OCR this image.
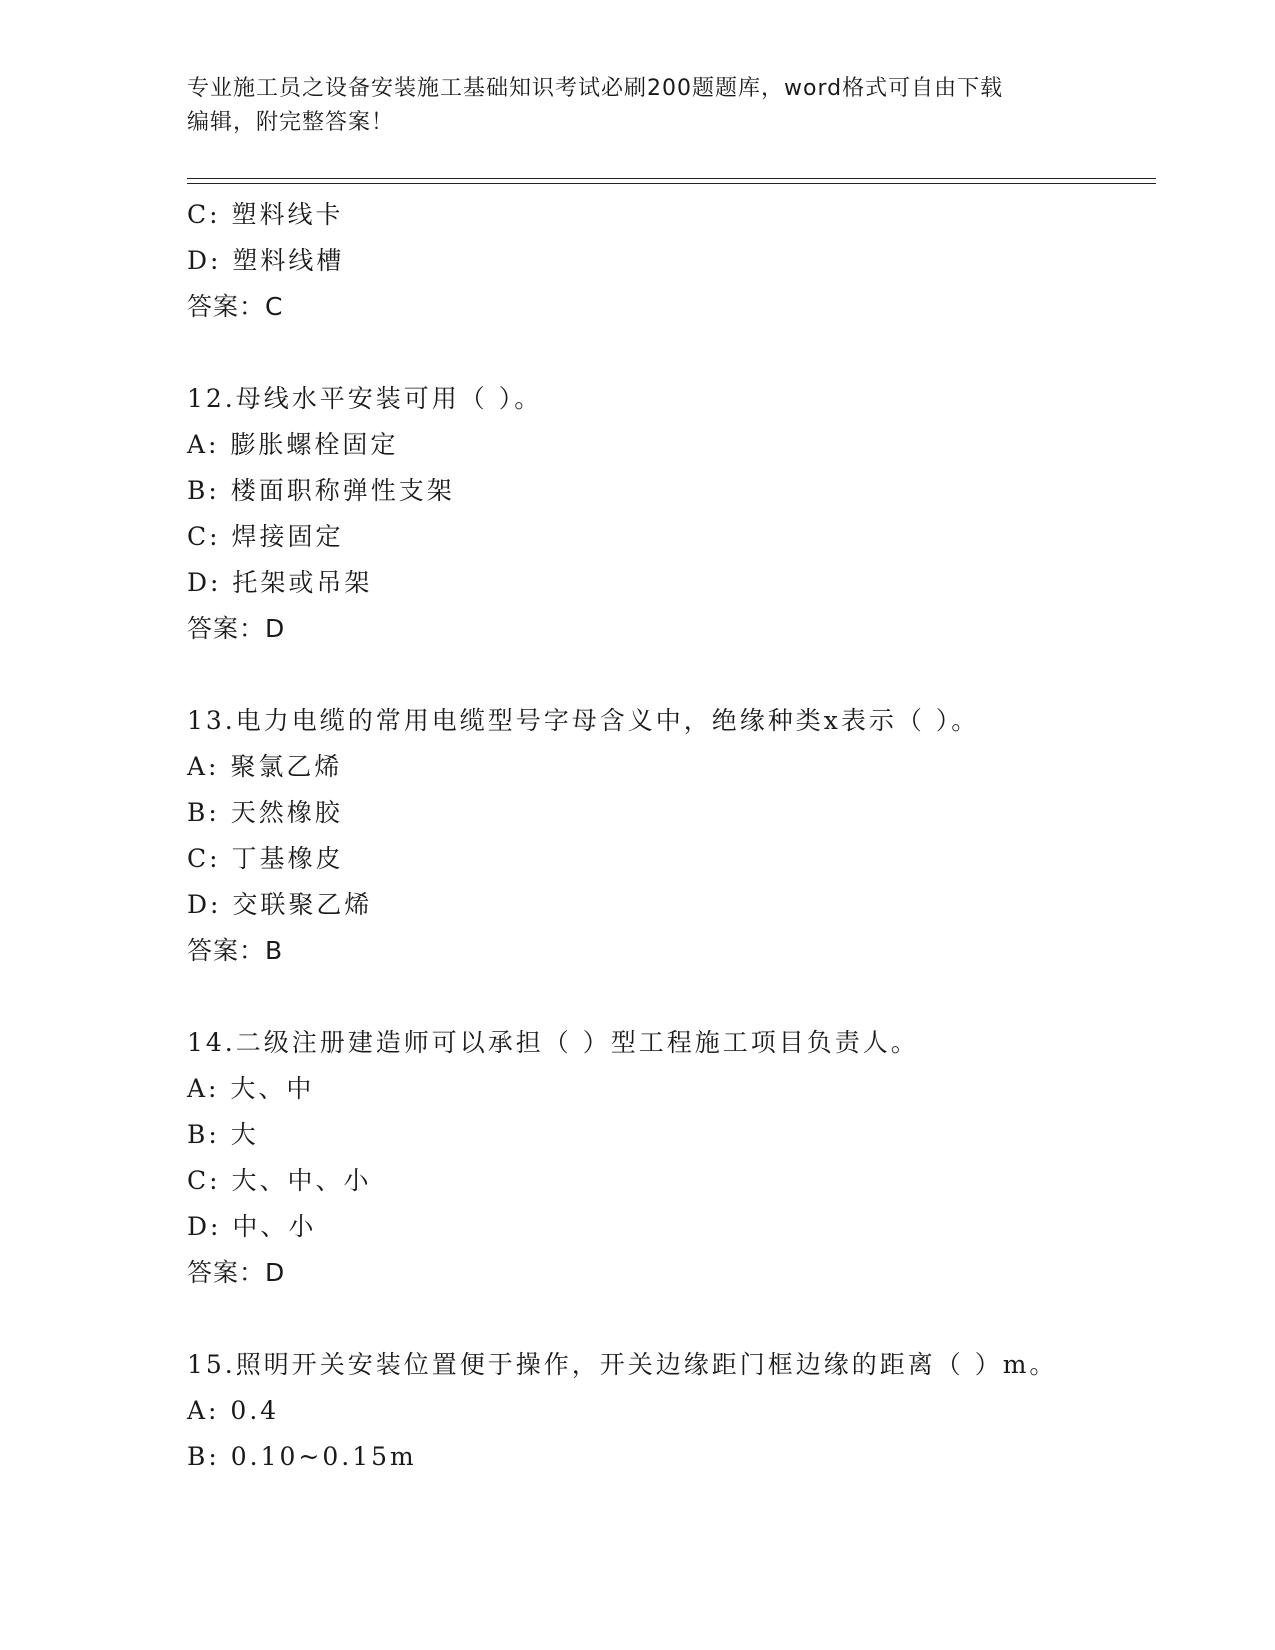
专业施工员之设备安装施工基础知识考试必刷200题题库，word格式可自由下载
编辑，附完整答案！
C: 塑料线卡
D: 塑料线槽
答案：C
12.母线水平安装可用（ ）。
A: 膨胀螺栓固定
B: 楼面职称弹性支架
C: 焊接固定
D: 托架或吊架
答案：D
13.电力电缆的常用电缆型号字母含义中，绝缘种类x表示（ ）。
A: 聚氯乙烯
B: 天然橡胶
C: 丁基橡皮
D: 交联聚乙烯
答案：B
14.二级注册建造师可以承担（ ）型工程施工项目负责人。
A: 大、中
B: 大
C: 大、中、小
D: 中、小
答案：D
15.照明开关安装位置便于操作，开关边缘距门框边缘的距离（ ）m。
A: 0.4
B: 0.10~0.15m
